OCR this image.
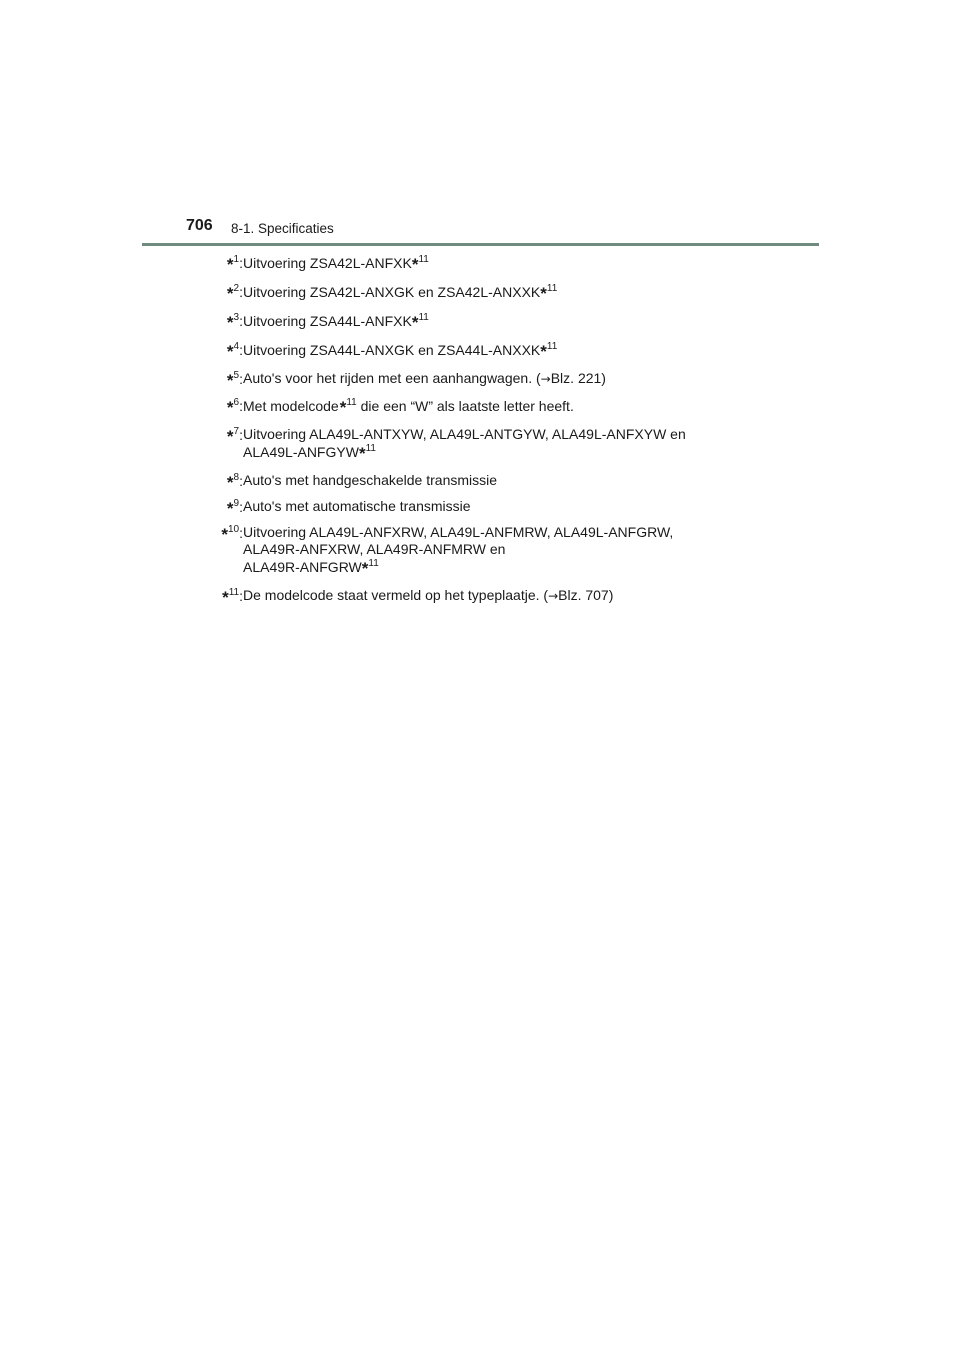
706 8-1. Specificaties
*$^1$: Uitvoering ZSA42L-ANFXK*$^{11}$
*$^2$: Uitvoering ZSA42L-ANXGK en ZSA42L-ANXXK*$^{11}$
*$^3$: Uitvoering ZSA44L-ANFXK*$^{11}$
*$^4$: Uitvoering ZSA44L-ANXGK en ZSA44L-ANXXK*$^{11}$
*$^5$: Auto's voor het rijden met een aanhangwagen. (→Blz. 221)
*$^6$: Met modelcode*$^{11}$ die een “W” als laatste letter heeft.
*$^7$: Uitvoering ALA49L-ANTXYW, ALA49L-ANTGYW, ALA49L-ANFXYW en
ALA49L-ANFGYW*$^{11}$
*$^8$: Auto's met handgeschakelde transmissie
*$^9$: Auto's met automatische transmissie
*$^{10}$: Uitvoering ALA49L-ANFXRW, ALA49L-ANFMRW, ALA49L-ANFGRW,
ALA49R-ANFXRW, ALA49R-ANFMRW en
ALA49R-ANFGRW*$^{11}$
*$^{11}$: De modelcode staat vermeld op het typeplaatje. (→Blz. 707)
